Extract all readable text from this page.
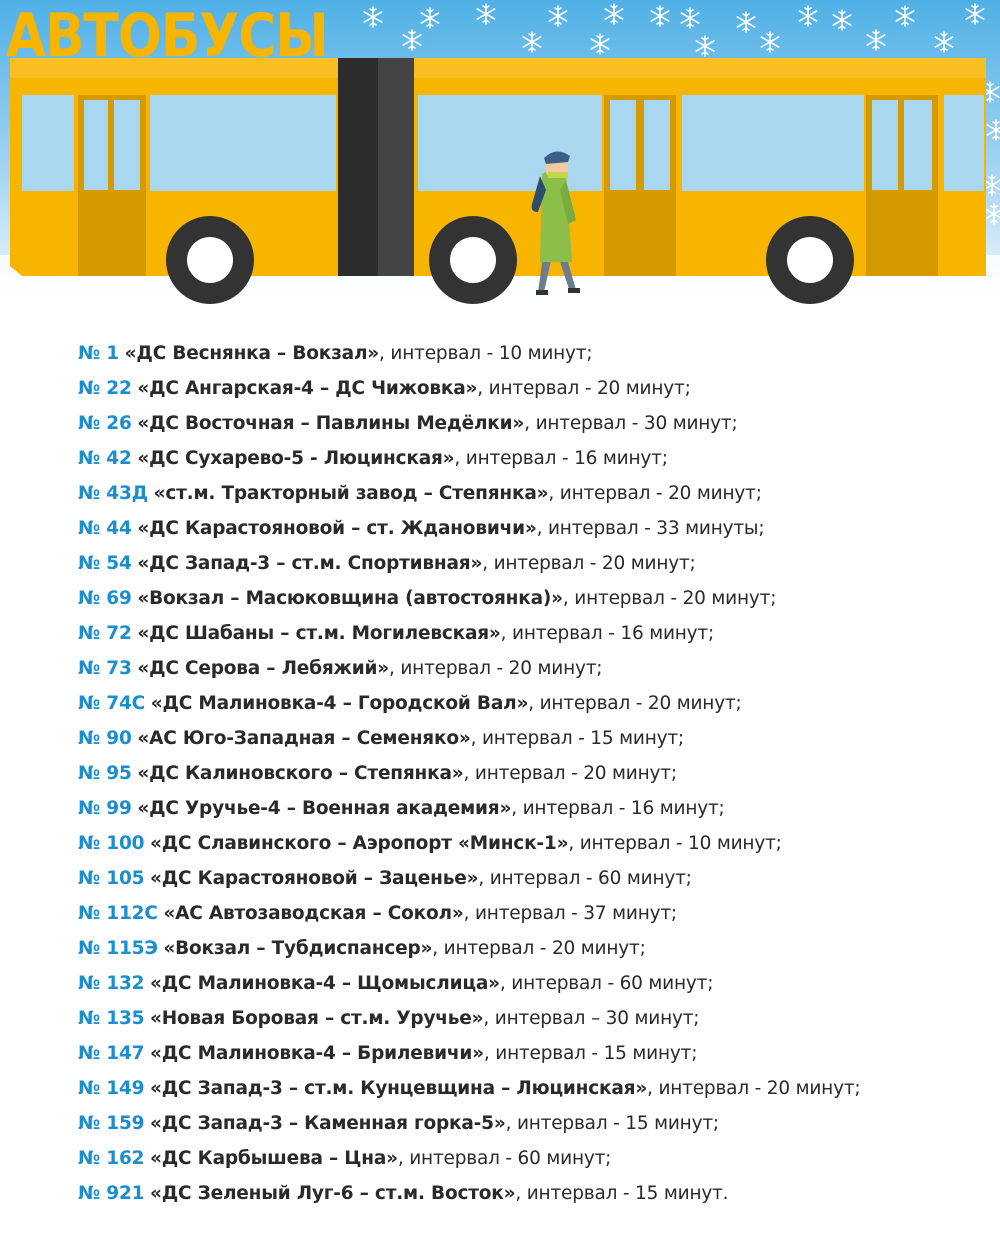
АВТОБУСЫ
№ 1 «ДС Веснянка – Вокзал», интервал - 10 минут;
№ 22 «ДС Ангарская-4 – ДС Чижовка», интервал - 20 минут;
№ 26 «ДС Восточная – Павлины Медёлки», интервал - 30 минут;
№ 42 «ДС Сухарево-5 - Люцинская», интервал - 16 минут;
№ 43Д «ст.м. Тракторный завод – Степянка», интервал - 20 минут;
№ 44 «ДС Карастояновой – ст. Ждановичи», интервал - 33 минуты;
№ 54 «ДС Запад-3 – ст.м. Спортивная», интервал - 20 минут;
№ 69 «Вокзал – Масюковщина (автостоянка)», интервал - 20 минут;
№ 72 «ДС Шабаны – ст.м. Могилевская», интервал - 16 минут;
№ 73 «ДС Серова – Лебяжий», интервал - 20 минут;
№ 74С «ДС Малиновка-4 – Городской Вал», интервал - 20 минут;
№ 90 «АС Юго-Западная – Семеняко», интервал - 15 минут;
№ 95 «ДС Калиновского – Степянка», интервал - 20 минут;
№ 99 «ДС Уручье-4 – Военная академия», интервал - 16 минут;
№ 100 «ДС Славинского – Аэропорт «Минск-1», интервал - 10 минут;
№ 105 «ДС Карастояновой – Заценье», интервал - 60 минут;
№ 112С «АС Автозаводская – Сокол», интервал - 37 минут;
№ 115Э «Вокзал – Тубдиспансер», интервал - 20 минут;
№ 132 «ДС Малиновка-4 – Щомыслица», интервал - 60 минут;
№ 135 «Новая Боровая – ст.м. Уручье», интервал – 30 минут;
№ 147 «ДС Малиновка-4 – Брилевичи», интервал - 15 минут;
№ 149 «ДС Запад-3 – ст.м. Кунцевщина – Люцинская», интервал - 20 минут;
№ 159 «ДС Запад-3 – Каменная горка-5», интервал - 15 минут;
№ 162 «ДС Карбышева – Цна», интервал - 60 минут;
№ 921 «ДС Зеленый Луг-6 – ст.м. Восток», интервал - 15 минут.
